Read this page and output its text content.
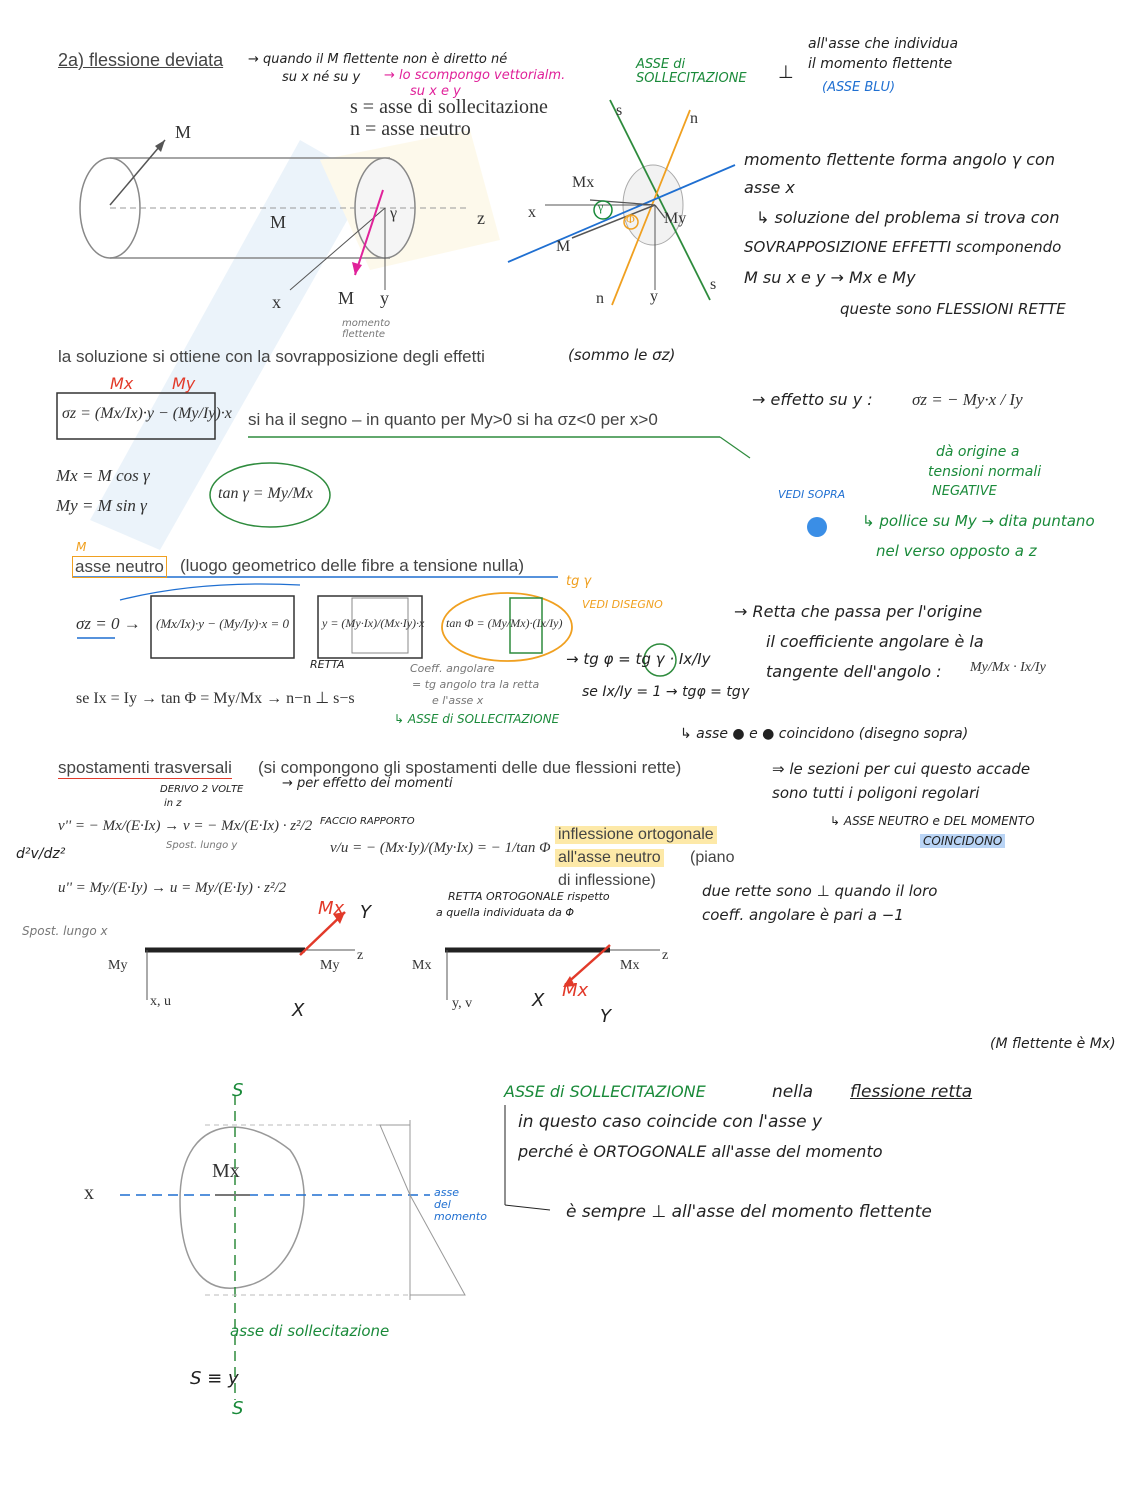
2a) flessione deviata → quando il M flettente non è diretto né
su x né su y → lo scompongo vettorialm.
su x e y
s = asse di sollecitazione
n = asse neutro
ASSE di SOLLECITAZIONE	⊥
all'asse che individua
il momento flettente
(ASSE BLU)
M
M	γ	z
x	M y
momento flettente
s	n
Mx
x
M
My
Φ
γ
n	y
s
momento flettente forma angolo γ con
asse x
↳ soluzione del problema si trova con
SOVRAPPOSIZIONE EFFETTI scomponendo
M su x e y → Mx e My
queste sono FLESSIONI RETTE
la soluzione si ottiene con la sovrapposizione degli effetti	(sommo le σz)
Mx My
σz = (Mx/Ix)·y − (My/Iy)·x si ha il segno – in quanto per My>0 si ha σz<0 per x>0
Mx = M cos γ
My = M sin γ
tan γ = My/Mx
→ effetto su y : σz = − My·x / Iy
dà origine a
tensioni normali
NEGATIVE
VEDI SOPRA
↳ pollice su My → dita puntano
nel verso opposto a z
M
asse neutro (luogo geometrico delle fibre a tensione nulla)
tg γ
VEDI DISEGNO
σz = 0 → (Mx/Ix)·y − (My/Iy)·x = 0	y = (My·Ix)/(Mx·Iy)·x tan Φ = (My/Mx)·(Ix/Iy)
RETTA	Coeff. angolare
= tg angolo tra la retta
e l'asse x
→ tg φ = tg γ · Ix/Iy
se Ix/Iy = 1 → tgφ = tgγ
↳ asse ● e ● coincidono (disegno sopra)
se Ix = Iy → tan Φ = My/Mx → n−n ⊥ s−s
↳ ASSE di SOLLECITAZIONE
→ Retta che passa per l'origine
il coefficiente angolare è la
tangente dell'angolo : My/Mx · Ix/Iy
⇒ le sezioni per cui questo accade
sono tutti i poligoni regolari
↳ ASSE NEUTRO e DEL MOMENTO
COINCIDONO
spostamenti trasversali (si compongono gli spostamenti delle due flessioni rette)
→ per effetto dei momenti
DERIVO 2 VOLTE
in z
v'' = − Mx/(E·Ix) → v = − Mx/(E·Ix) · z²/2
u'' = My/(E·Iy) → u = My/(E·Iy) · z²/2
Spost. lungo y
Spost. lungo x
d²v/dz²
FACCIO RAPPORTO
v/u = − (Mx·Iy)/(My·Ix) = − 1/tan Φ
RETTA ORTOGONALE rispetto
a quella individuata da Φ
inflessione ortogonale
all'asse neutro (piano
di inflessione)
due rette sono ⊥ quando il loro
coeff. angolare è pari a −1
My	My
z
x, u
Mx Y
X
Mx	Mx
z
y, v
Mx
X
Y
(M flettente è Mx)
ASSE di SOLLECITAZIONE	nella flessione retta
in questo caso coincide con l'asse y
perché è ORTOGONALE all'asse del momento
è sempre ⊥ all'asse del momento flettente
S
Mx
x	asse
del
momento
asse di sollecitazione
S ≡ y
S
